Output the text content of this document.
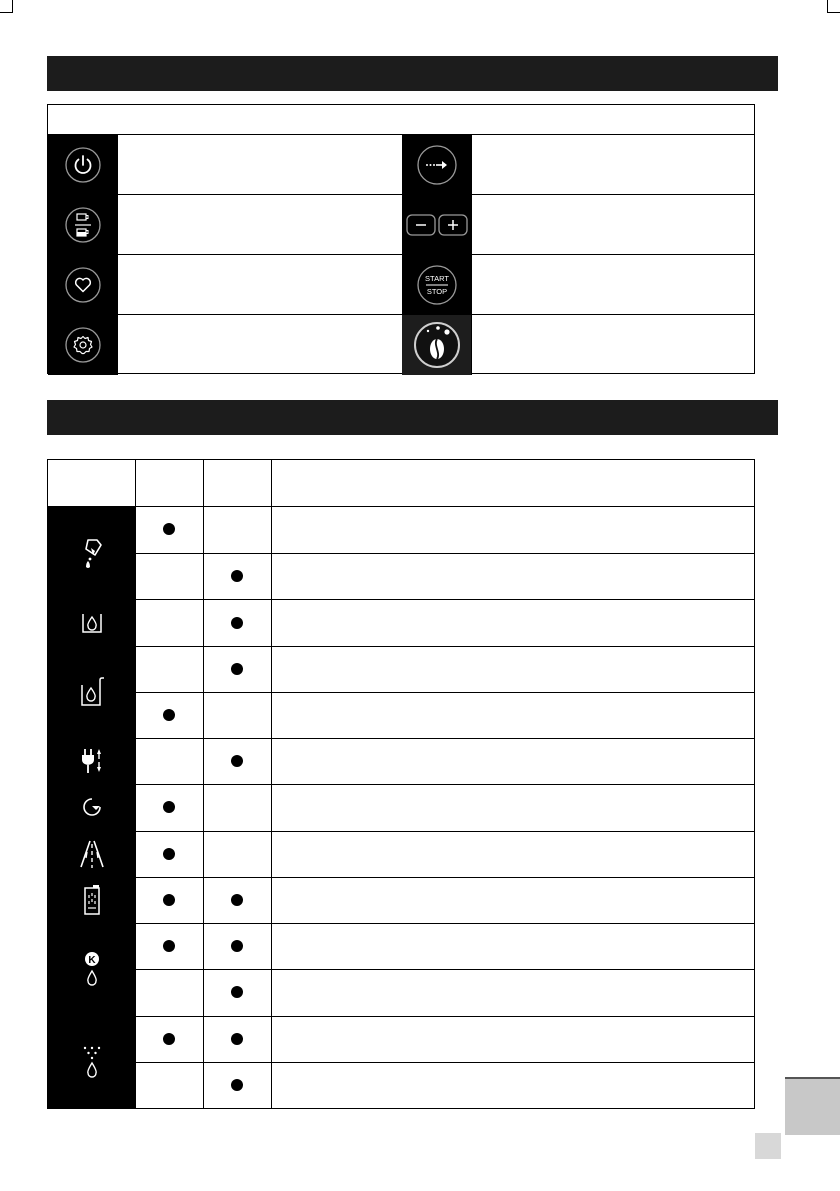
START
STOP
K
